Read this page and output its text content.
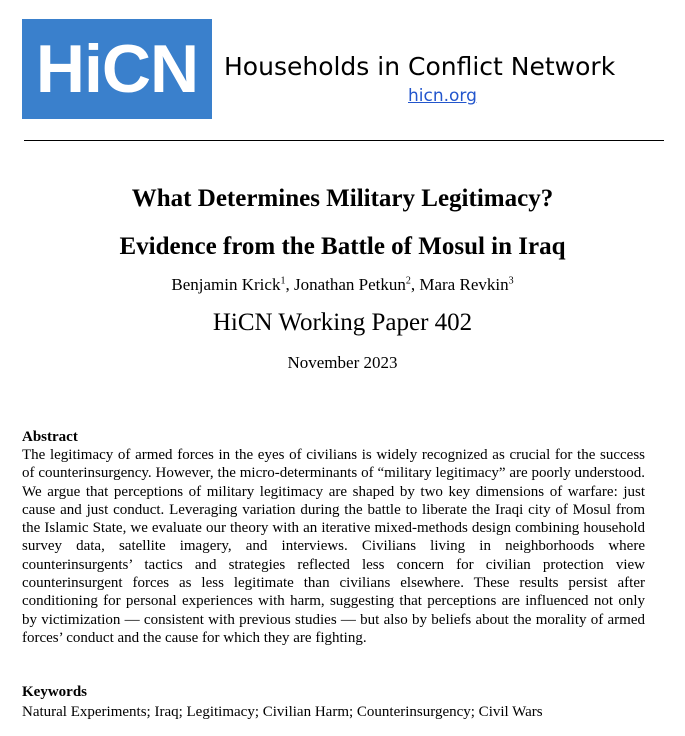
HiCN Households in Conflict Network
hicn.org
What Determines Military Legitimacy?
Evidence from the Battle of Mosul in Iraq
Benjamin Krick$^1$, Jonathan Petkun$^2$, Mara Revkin$^3$
HiCN Working Paper 402
November 2023
Abstract
The legitimacy of armed forces in the eyes of civilians is widely recognized as crucial for the success of counterinsurgency. However, the micro-determinants of “military legitimacy” are poorly understood. We argue that perceptions of military legitimacy are shaped by two key dimensions of warfare: just cause and just conduct. Leveraging variation during the battle to liberate the Iraqi city of Mosul from the Islamic State, we evaluate our theory with an iterative mixed-methods design combining household survey data, satellite imagery, and interviews. Civilians living in neighborhoods where counterinsurgents’ tactics and strategies reflected less concern for civilian protection view counterinsurgent forces as less legitimate than civilians elsewhere. These results persist after conditioning for personal experiences with harm, suggesting that perceptions are influenced not only by victimization — consistent with previous studies — but also by beliefs about the morality of armed forces’ conduct and the cause for which they are fighting.
Keywords
Natural Experiments; Iraq; Legitimacy; Civilian Harm; Counterinsurgency; Civil Wars
